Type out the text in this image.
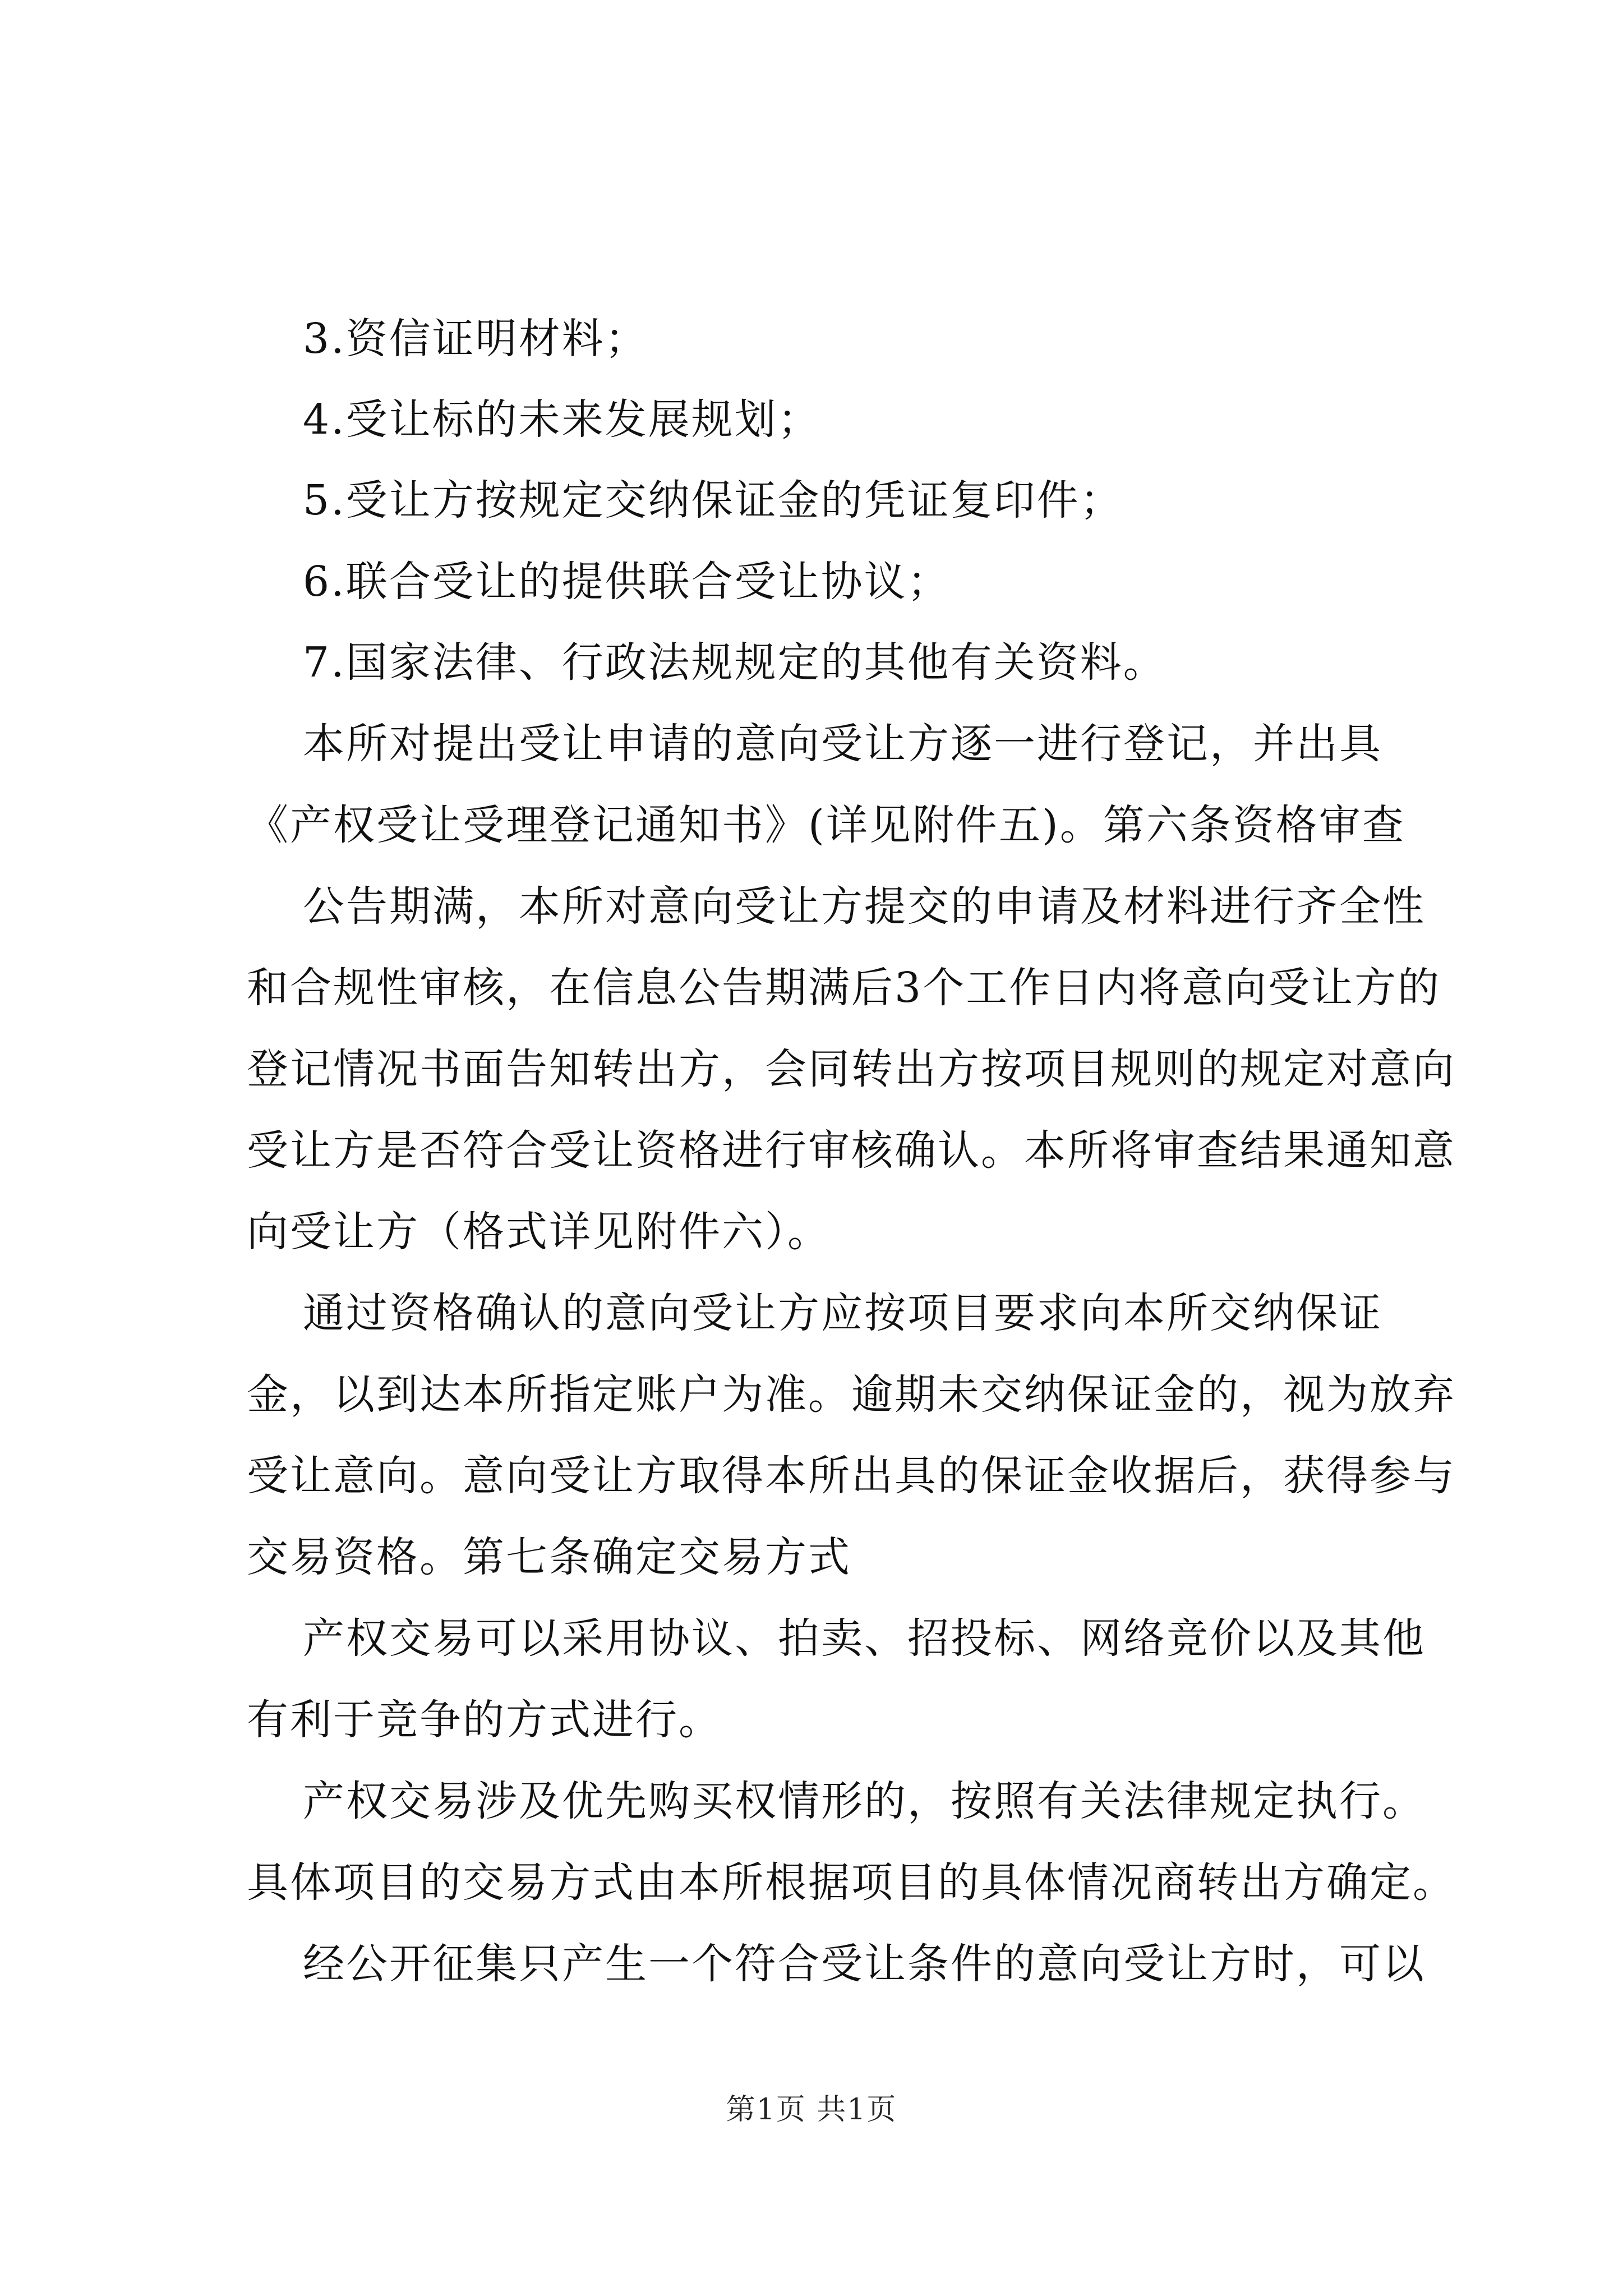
3.资信证明材料；
4.受让标的未来发展规划；
5.受让方按规定交纳保证金的凭证复印件；
6.联合受让的提供联合受让协议；
7.国家法律、行政法规规定的其他有关资料。
本所对提出受让申请的意向受让方逐一进行登记，并出具
《产权受让受理登记通知书》(详见附件五)。第六条资格审查
公告期满，本所对意向受让方提交的申请及材料进行齐全性
和合规性审核，在信息公告期满后3个工作日内将意向受让方的
登记情况书面告知转出方，会同转出方按项目规则的规定对意向
受让方是否符合受让资格进行审核确认。本所将审查结果通知意
向受让方（格式详见附件六）。
通过资格确认的意向受让方应按项目要求向本所交纳保证
金，以到达本所指定账户为准。逾期未交纳保证金的，视为放弃
受让意向。意向受让方取得本所出具的保证金收据后，获得参与
交易资格。第七条确定交易方式
产权交易可以采用协议、拍卖、招投标、网络竞价以及其他
有利于竞争的方式进行。
产权交易涉及优先购买权情形的，按照有关法律规定执行。
具体项目的交易方式由本所根据项目的具体情况商转出方确定。
经公开征集只产生一个符合受让条件的意向受让方时，可以
第1页 共1页
